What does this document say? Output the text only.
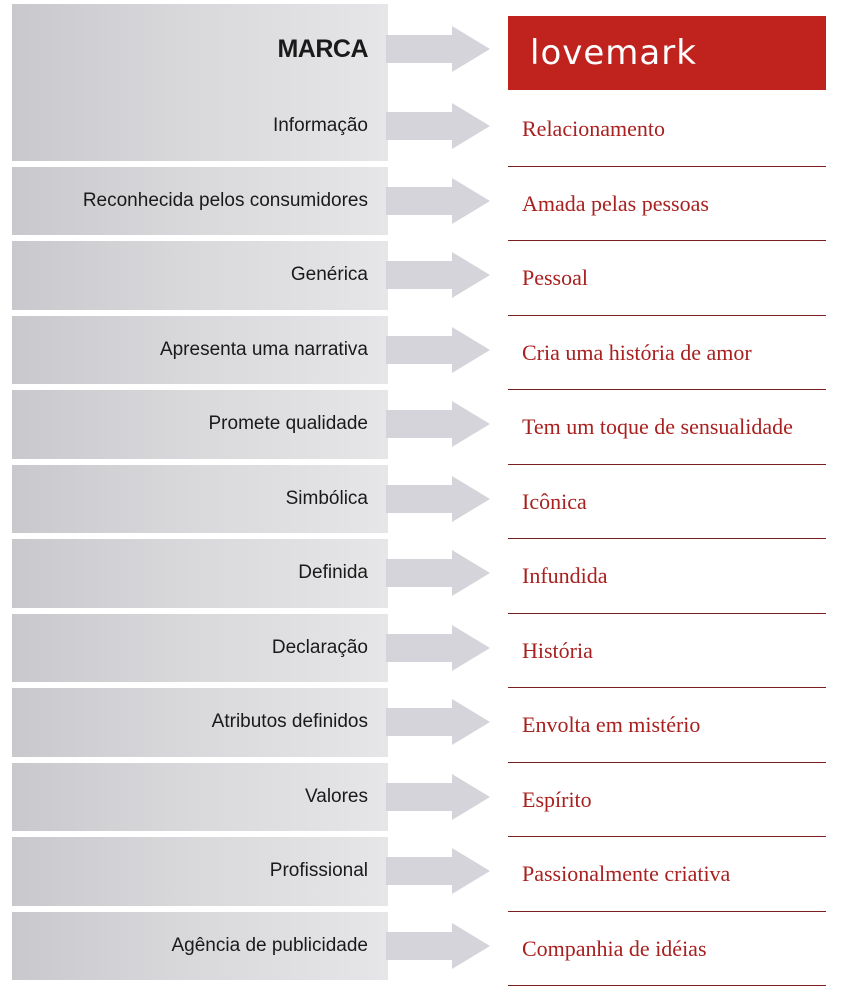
MARCA	lovemark
Informação	Relacionamento
Reconhecida pelos consumidores	Amada pelas pessoas
Genérica	Pessoal
Apresenta uma narrativa	Cria uma história de amor
Promete qualidade	Tem um toque de sensualidade
Simbólica	Icônica
Definida	Infundida
Declaração	História
Atributos definidos	Envolta em mistério
Valores	Espírito
Profissional	Passionalmente criativa
Agência de publicidade	Companhia de idéias
